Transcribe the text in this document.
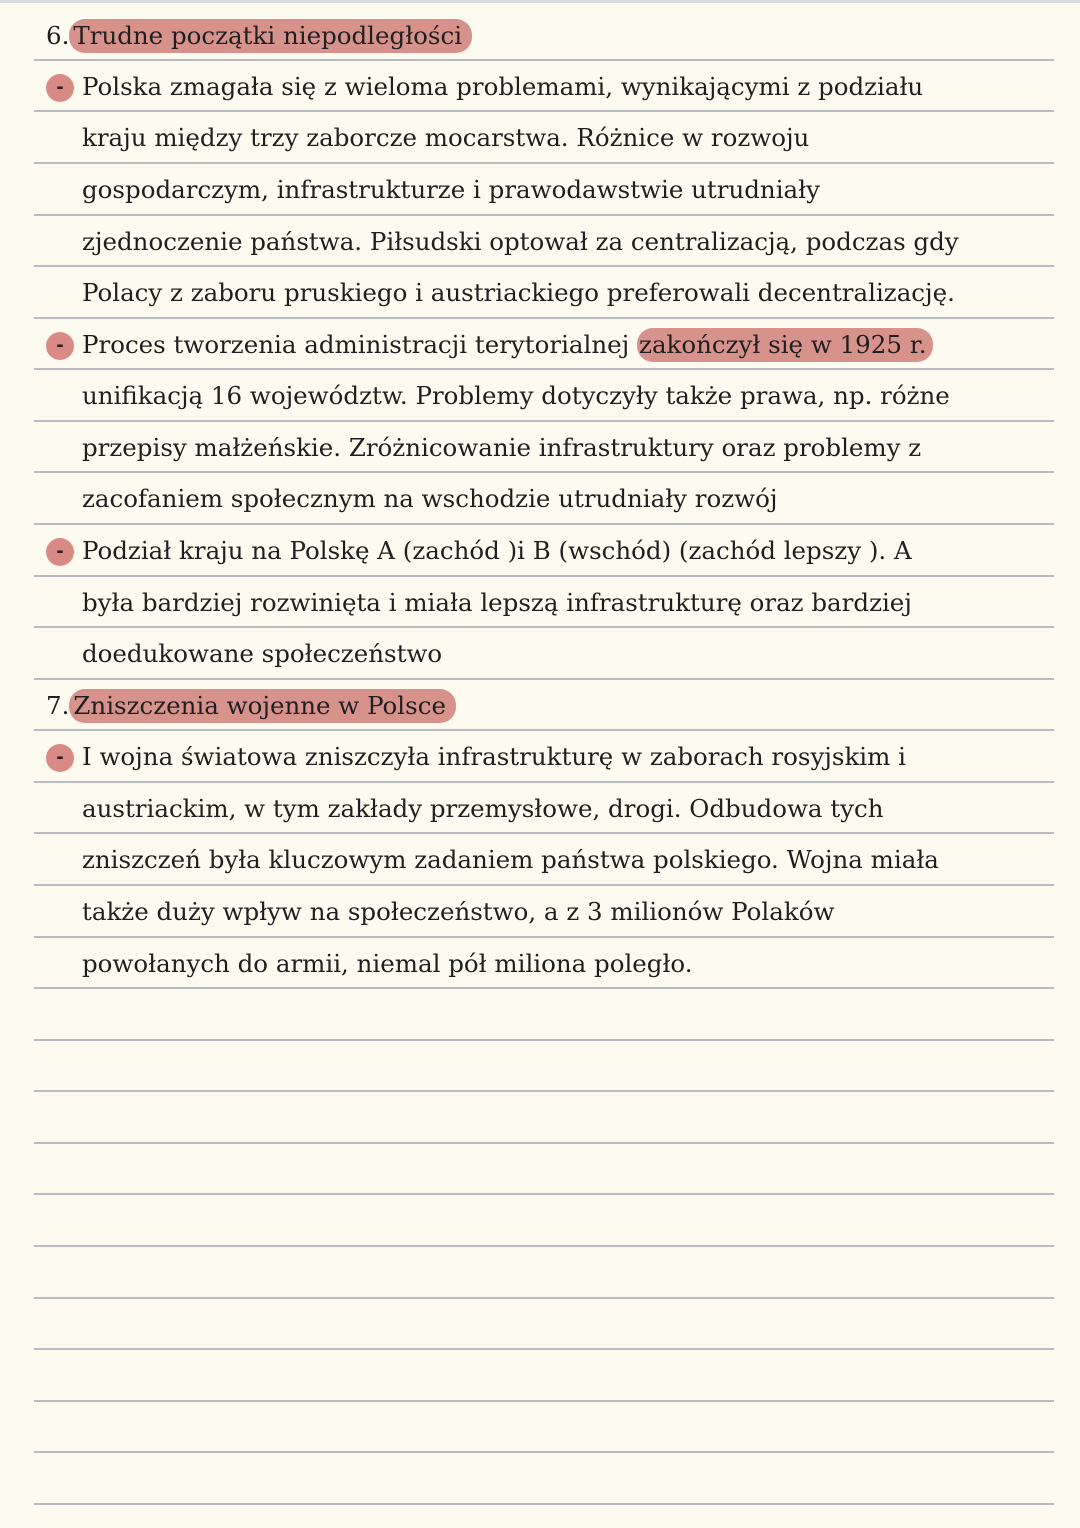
6. Trudne początki niepodległości
- Polska zmagała się z wieloma problemami, wynikającymi z podziału
kraju między trzy zaborcze mocarstwa. Różnice w rozwoju
gospodarczym, infrastrukturze i prawodawstwie utrudniały
zjednoczenie państwa. Piłsudski optował za centralizacją, podczas gdy
Polacy z zaboru pruskiego i austriackiego preferowali decentralizację.
- Proces tworzenia administracji terytorialnej zakończył się w 1925 r.
unifikacją 16 województw. Problemy dotyczyły także prawa, np. różne
przepisy małżeńskie. Zróżnicowanie infrastruktury oraz problemy z
zacofaniem społecznym na wschodzie utrudniały rozwój
- Podział kraju na Polskę A (zachód )i B (wschód) (zachód lepszy ). A
była bardziej rozwinięta i miała lepszą infrastrukturę oraz bardziej
doedukowane społeczeństwo
7. Zniszczenia wojenne w Polsce
- I wojna światowa zniszczyła infrastrukturę w zaborach rosyjskim i
austriackim, w tym zakłady przemysłowe, drogi. Odbudowa tych
zniszczeń była kluczowym zadaniem państwa polskiego. Wojna miała
także duży wpływ na społeczeństwo, a z 3 milionów Polaków
powołanych do armii, niemal pół miliona poległo.
